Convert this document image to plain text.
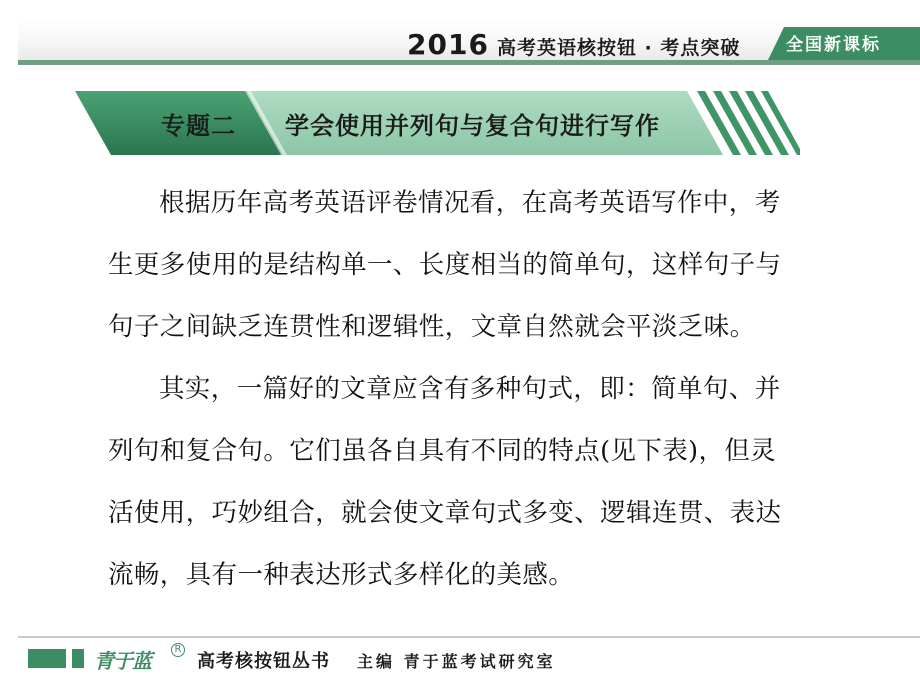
2016 高考英语核按钮 · 考点突破	全国新课标
专题二 学会使用并列句与复合句进行写作
根据历年高考英语评卷情况看，在高考英语写作中，考
生更多使用的是结构单一、长度相当的简单句，这样句子与
句子之间缺乏连贯性和逻辑性，文章自然就会平淡乏味。
其实，一篇好的文章应含有多种句式，即：简单句、并
列句和复合句。它们虽各自具有不同的特点(见下表)，但灵
活使用，巧妙组合，就会使文章句式多变、逻辑连贯、表达
流畅，具有一种表达形式多样化的美感。
青于蓝	R
高考核按钮丛书 主编 青于蓝考试研究室
